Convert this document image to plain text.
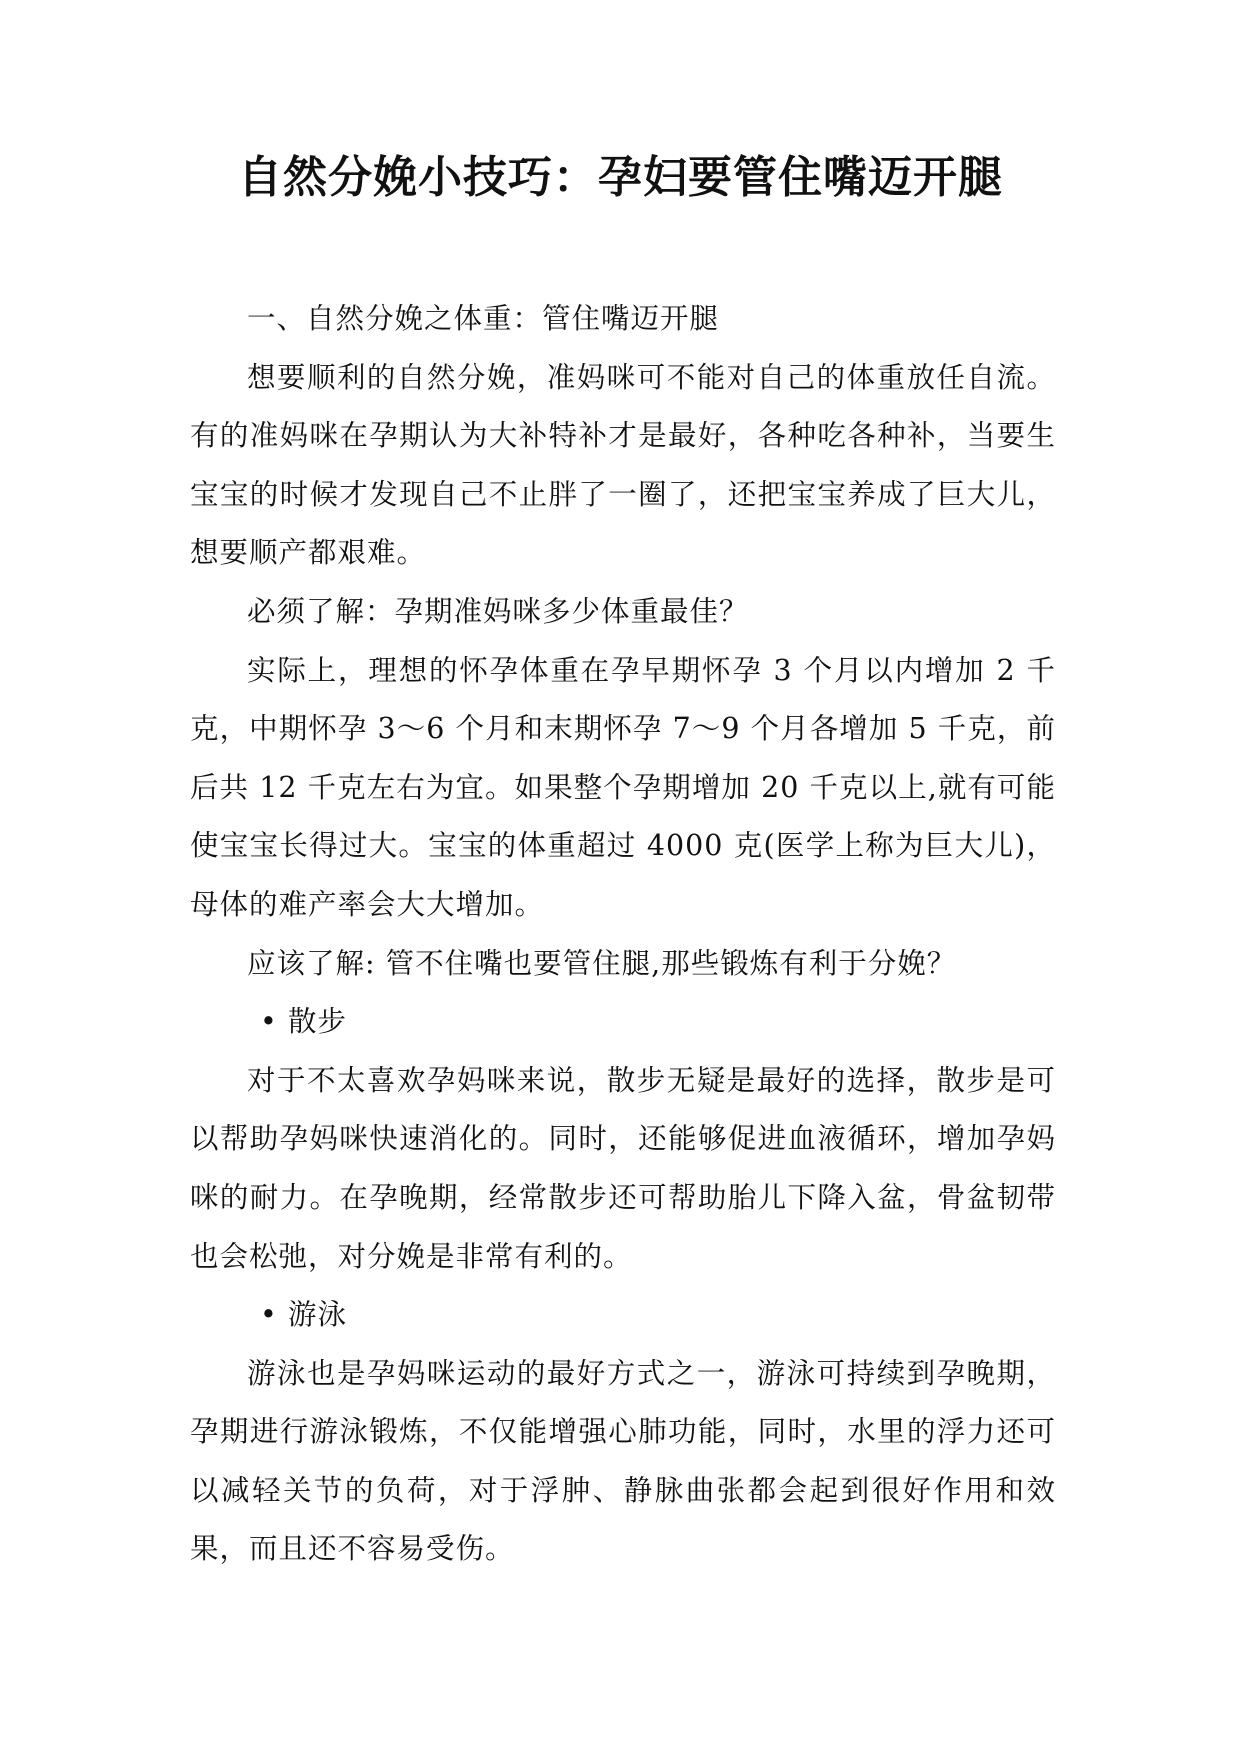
自然分娩小技巧：孕妇要管住嘴迈开腿

一、自然分娩之体重：管住嘴迈开腿

想要顺利的自然分娩，准妈咪可不能对自己的体重放任自流。有的准妈咪在孕期认为大补特补才是最好，各种吃各种补，当要生宝宝的时候才发现自己不止胖了一圈了，还把宝宝养成了巨大儿，想要顺产都艰难。

必须了解：孕期准妈咪多少体重最佳？

实际上，理想的怀孕体重在孕早期怀孕 3 个月以内增加 2 千克，中期怀孕 3～6 个月和末期怀孕 7～9 个月各增加 5 千克，前后共 12 千克左右为宜。如果整个孕期增加 20 千克以上,就有可能使宝宝长得过大。宝宝的体重超过 4000 克(医学上称为巨大儿)，母体的难产率会大大增加。

应该了解: 管不住嘴也要管住腿,那些锻炼有利于分娩？

• 散步

对于不太喜欢孕妈咪来说，散步无疑是最好的选择，散步是可以帮助孕妈咪快速消化的。同时，还能够促进血液循环，增加孕妈咪的耐力。在孕晚期，经常散步还可帮助胎儿下降入盆，骨盆韧带也会松弛，对分娩是非常有利的。

• 游泳

游泳也是孕妈咪运动的最好方式之一，游泳可持续到孕晚期，孕期进行游泳锻炼，不仅能增强心肺功能，同时，水里的浮力还可以减轻关节的负荷，对于浮肿、静脉曲张都会起到很好作用和效果，而且还不容易受伤。
